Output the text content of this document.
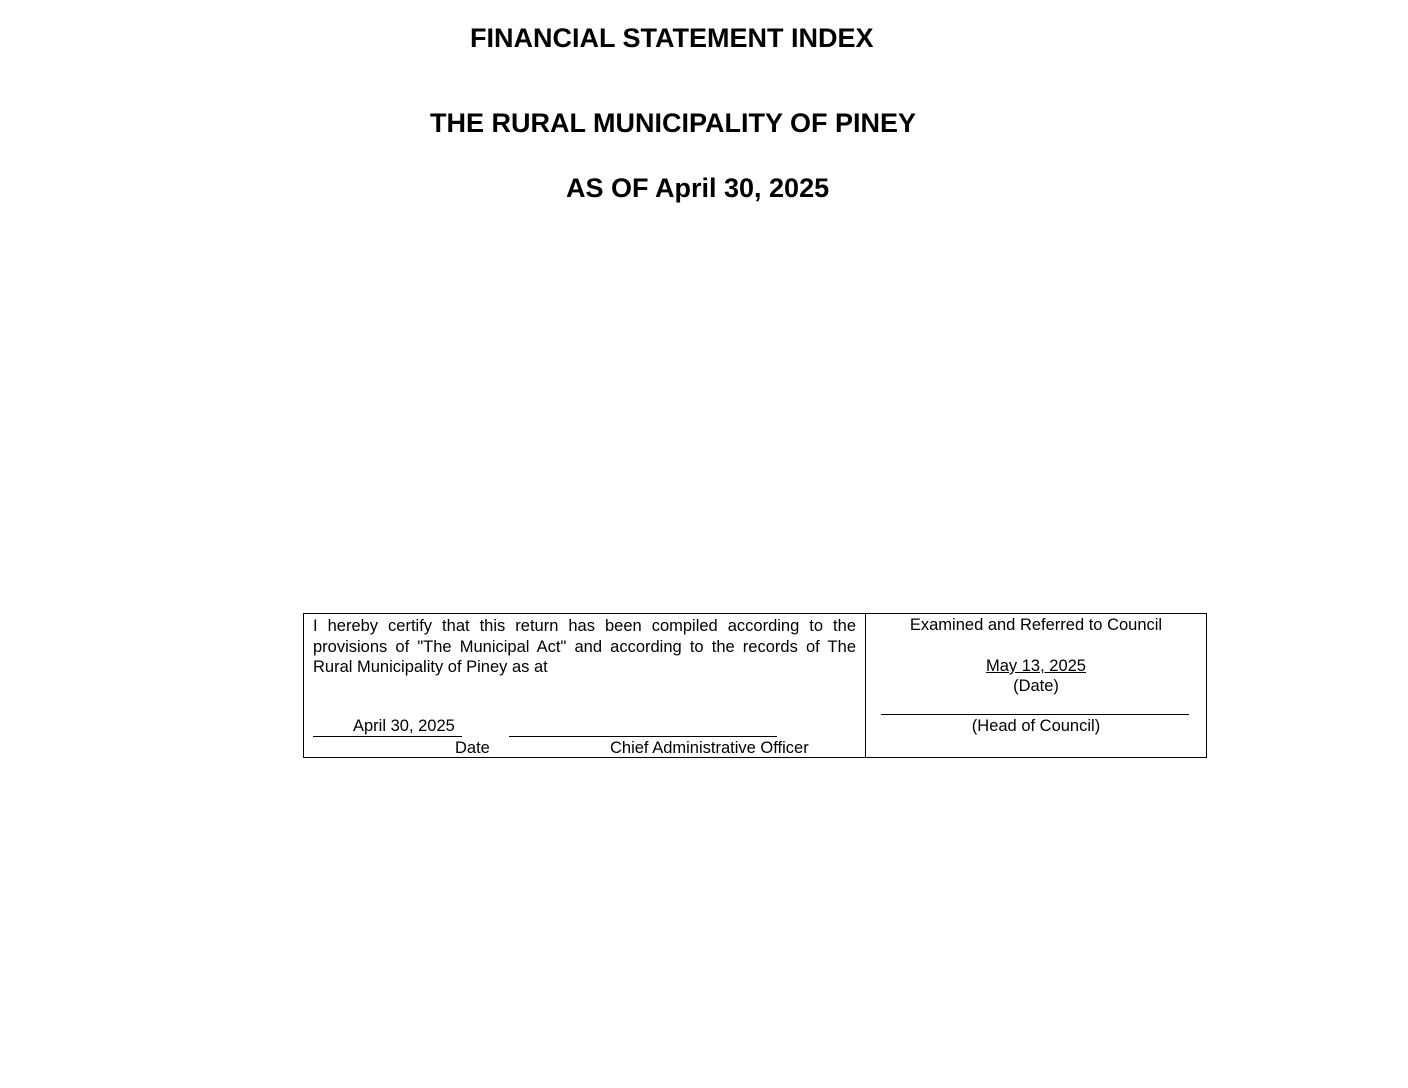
FINANCIAL STATEMENT INDEX
THE RURAL MUNICIPALITY OF PINEY
AS OF April 30, 2025

I hereby certify that this return has been compiled according to the provisions of "The Municipal Act" and according to the records of The Rural Municipality of Piney as at

April 30, 2025
Date	Chief Administrative Officer
Examined and Referred to Council
May 13, 2025
(Date)
(Head of Council)
